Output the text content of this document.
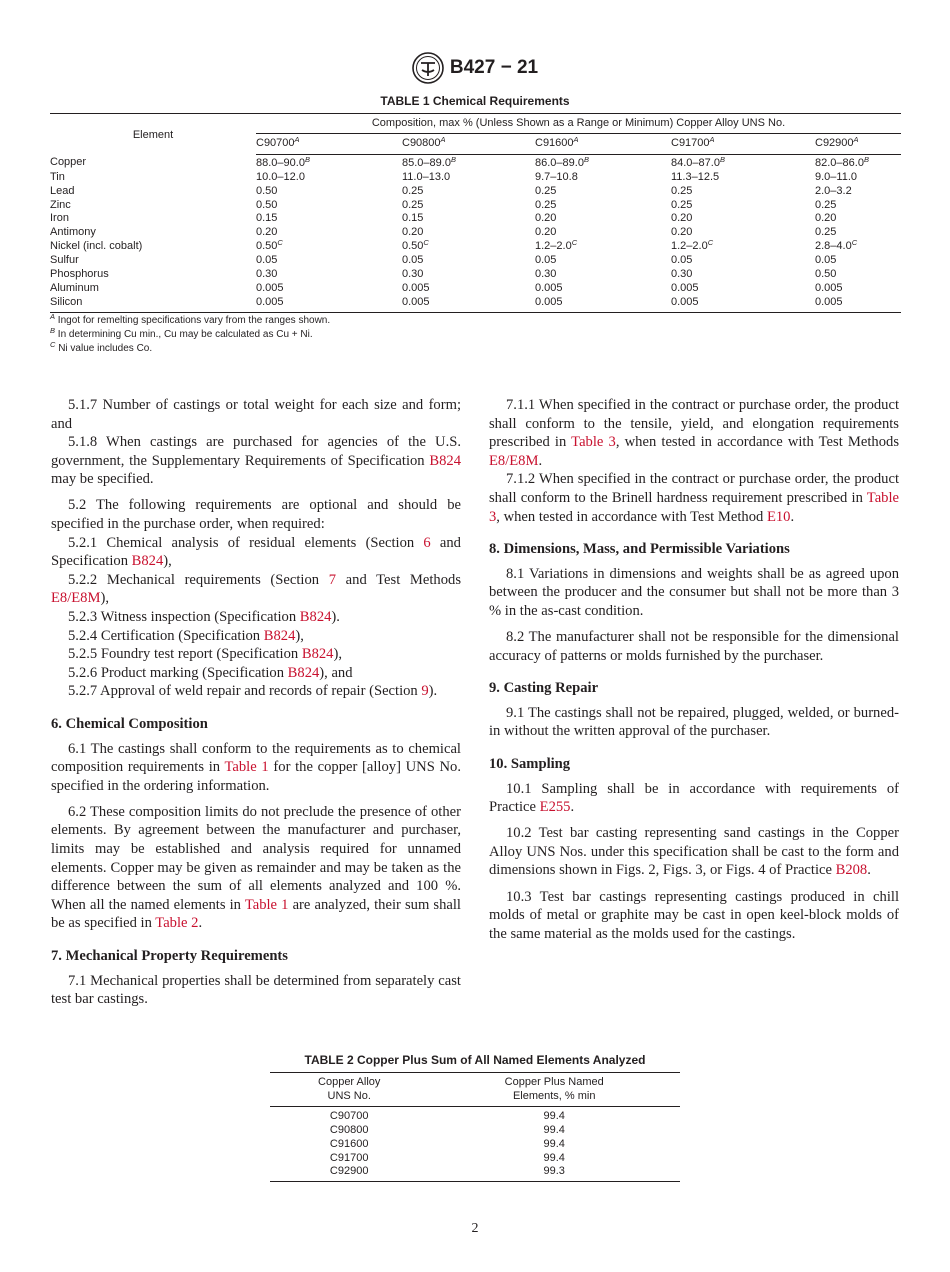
B427 − 21
TABLE 1 Chemical Requirements
Element	Composition, max % (Unless Shown as a Range or Minimum) Copper Alloy UNS No.				
	$C90700^A$	$C90800^A$	$C91600^A$	$C91700^A$	$C92900^A$
Copper	$88.0-90.0^B$	$85.0-89.0^B$	$86.0-89.0^B$	$84.0-87.0^B$	$82.0-86.0^B$
Tin	10.0–12.0	11.0–13.0	9.7–10.8	11.3–12.5	9.0–11.0
Lead	0.50	0.25	0.25	0.25	2.0–3.2
Zinc	0.50	0.25	0.25	0.25	0.25
Iron	0.15	0.15	0.20	0.20	0.20
Antimony	0.20	0.20	0.20	0.20	0.25
Nickel (incl. cobalt)	$0.50^C$	$0.50^C$	$1.2-2.0^C$	$1.2-2.0^C$	$2.8-4.0^C$
Sulfur	0.05	0.05	0.05	0.05	0.05
Phosphorus	0.30	0.30	0.30	0.30	0.50
Aluminum	0.005	0.005	0.005	0.005	0.005
Silicon	0.005	0.005	0.005	0.005	0.005
$^A$ Ingot for remelting specifications vary from the ranges shown.
$^B$ In determining Cu min., Cu may be calculated as Cu + Ni.
$^C$ Ni value includes Co.

5.1.7 Number of castings or total weight for each size and form; and

5.1.8 When castings are purchased for agencies of the U.S. government, the Supplementary Requirements of Specification B824 may be specified.

5.2 The following requirements are optional and should be specified in the purchase order, when required:

5.2.1 Chemical analysis of residual elements (Section 6 and Specification B824),

5.2.2 Mechanical requirements (Section 7 and Test Methods E8/E8M),

5.2.3 Witness inspection (Specification B824).

5.2.4 Certification (Specification B824),

5.2.5 Foundry test report (Specification B824),

5.2.6 Product marking (Specification B824), and

5.2.7 Approval of weld repair and records of repair (Section 9).

6. Chemical Composition

6.1 The castings shall conform to the requirements as to chemical composition requirements in Table 1 for the copper [alloy] UNS No. specified in the ordering information.

6.2 These composition limits do not preclude the presence of other elements. By agreement between the manufacturer and purchaser, limits may be established and analysis required for unnamed elements. Copper may be given as remainder and may be taken as the difference between the sum of all elements analyzed and 100 %. When all the named elements in Table 1 are analyzed, their sum shall be as specified in Table 2.

7. Mechanical Property Requirements

7.1 Mechanical properties shall be determined from separately cast test bar castings.

7.1.1 When specified in the contract or purchase order, the product shall conform to the tensile, yield, and elongation requirements prescribed in Table 3, when tested in accordance with Test Methods E8/E8M.

7.1.2 When specified in the contract or purchase order, the product shall conform to the Brinell hardness requirement prescribed in Table 3, when tested in accordance with Test Method E10.

8. Dimensions, Mass, and Permissible Variations

8.1 Variations in dimensions and weights shall be as agreed upon between the producer and the consumer but shall not be more than 3 % in the as-cast condition.

8.2 The manufacturer shall not be responsible for the dimensional accuracy of patterns or molds furnished by the purchaser.

9. Casting Repair

9.1 The castings shall not be repaired, plugged, welded, or burned-in without the written approval of the purchaser.

10. Sampling

10.1 Sampling shall be in accordance with requirements of Practice E255.

10.2 Test bar casting representing sand castings in the Copper Alloy UNS Nos. under this specification shall be cast to the form and dimensions shown in Figs. 2, Figs. 3, or Figs. 4 of Practice B208.

10.3 Test bar castings representing castings produced in chill molds of metal or graphite may be cast in open keel-block molds of the same material as the molds used for the castings.

TABLE 2 Copper Plus Sum of All Named Elements Analyzed
Copper Alloy
UNS No.	Copper Plus Named
Elements, % min
C90700	99.4
C90800	99.4
C91600	99.4
C91700	99.4
C92900	99.3
2
